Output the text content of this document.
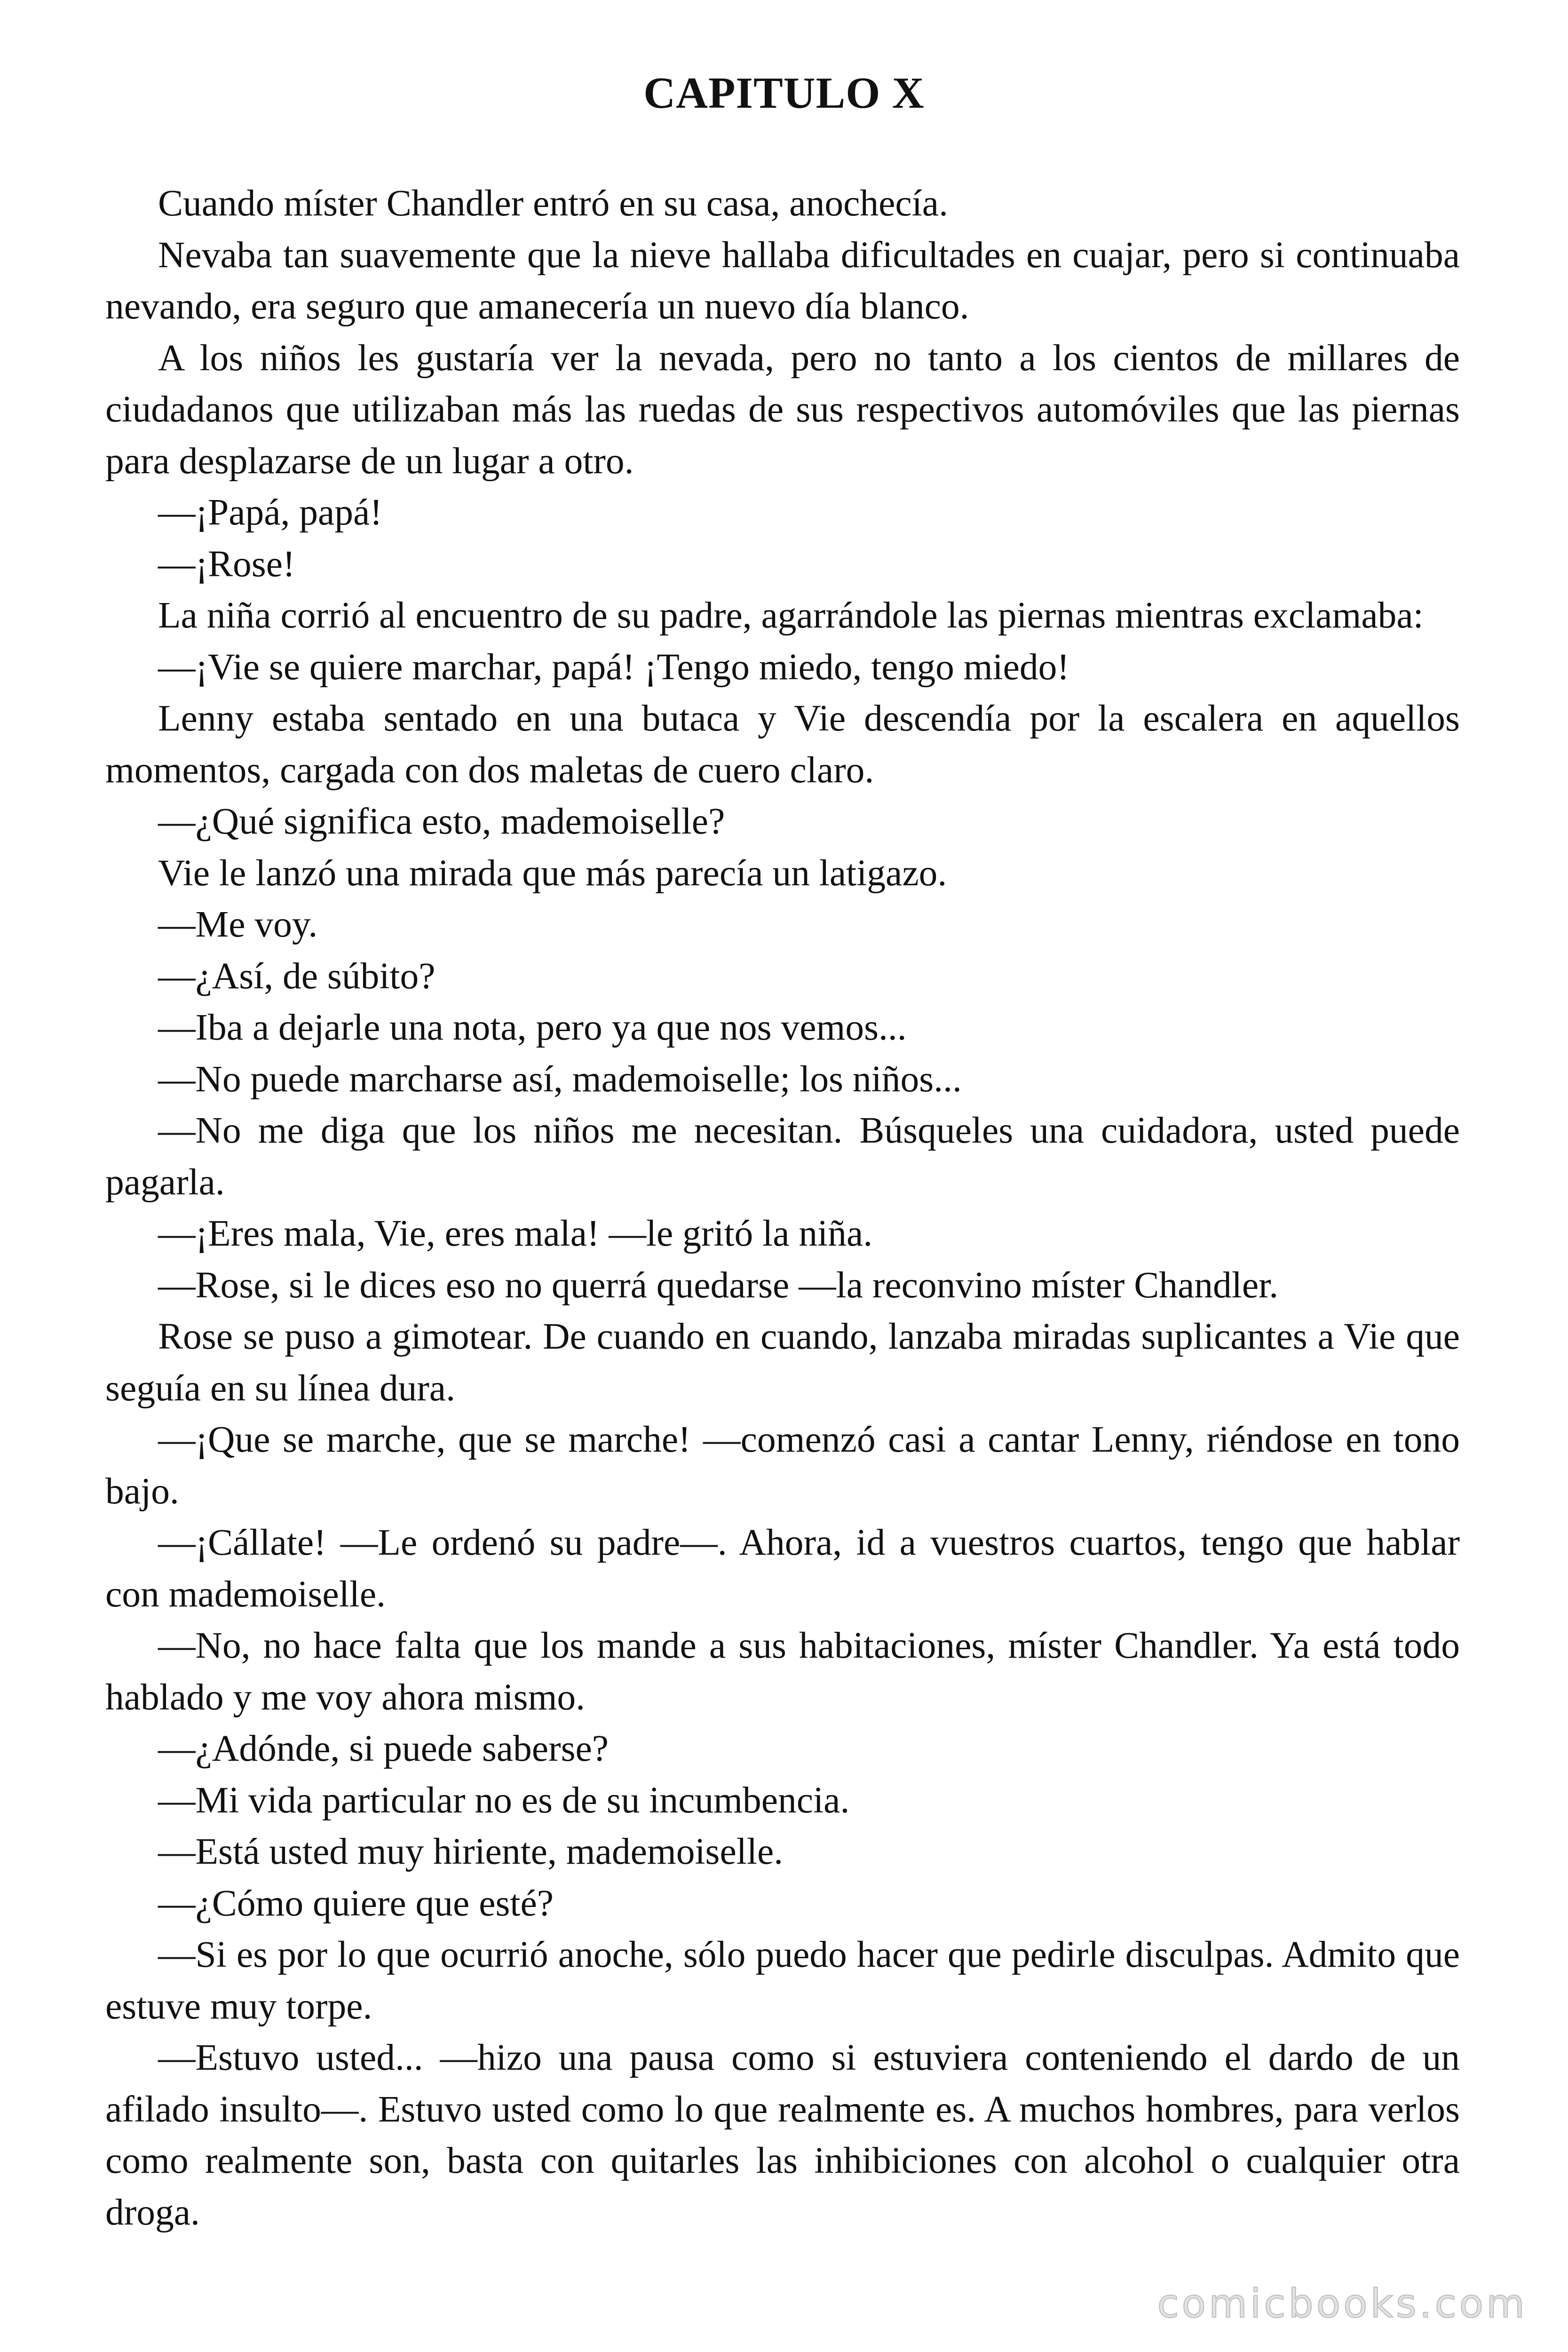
CAPITULO X

Cuando míster Chandler entró en su casa, anochecía.

Nevaba tan suavemente que la nieve hallaba dificultades en cuajar, pero si continuaba nevando, era seguro que amanecería un nuevo día blanco.

A los niños les gustaría ver la nevada, pero no tanto a los cientos de millares de ciudadanos que utilizaban más las ruedas de sus respectivos automóviles que las piernas para desplazarse de un lugar a otro.

—¡Papá, papá!

—¡Rose!

La niña corrió al encuentro de su padre, agarrándole las piernas mientras exclamaba:

—¡Vie se quiere marchar, papá! ¡Tengo miedo, tengo miedo!

Lenny estaba sentado en una butaca y Vie descendía por la escalera en aquellos momentos, cargada con dos maletas de cuero claro.

—¿Qué significa esto, mademoiselle?

Vie le lanzó una mirada que más parecía un latigazo.

—Me voy.

—¿Así, de súbito?

—Iba a dejarle una nota, pero ya que nos vemos...

—No puede marcharse así, mademoiselle; los niños...

—No me diga que los niños me necesitan. Búsqueles una cuidadora, usted puede pagarla.

—¡Eres mala, Vie, eres mala! —le gritó la niña.

—Rose, si le dices eso no querrá quedarse —la reconvino míster Chandler.

Rose se puso a gimotear. De cuando en cuando, lanzaba miradas suplicantes a Vie que seguía en su línea dura.

—¡Que se marche, que se marche! —comenzó casi a cantar Lenny, riéndose en tono bajo.

—¡Cállate! —Le ordenó su padre—. Ahora, id a vuestros cuartos, tengo que hablar con mademoiselle.

—No, no hace falta que los mande a sus habitaciones, míster Chandler. Ya está todo hablado y me voy ahora mismo.

—¿Adónde, si puede saberse?

—Mi vida particular no es de su incumbencia.

—Está usted muy hiriente, mademoiselle.

—¿Cómo quiere que esté?

—Si es por lo que ocurrió anoche, sólo puedo hacer que pedirle disculpas. Admito que estuve muy torpe.

—Estuvo usted... —hizo una pausa como si estuviera conteniendo el dardo de un afilado insulto—. Estuvo usted como lo que realmente es. A muchos hombres, para verlos como realmente son, basta con quitarles las inhibiciones con alcohol o cualquier otra droga.

comicbooks.com
